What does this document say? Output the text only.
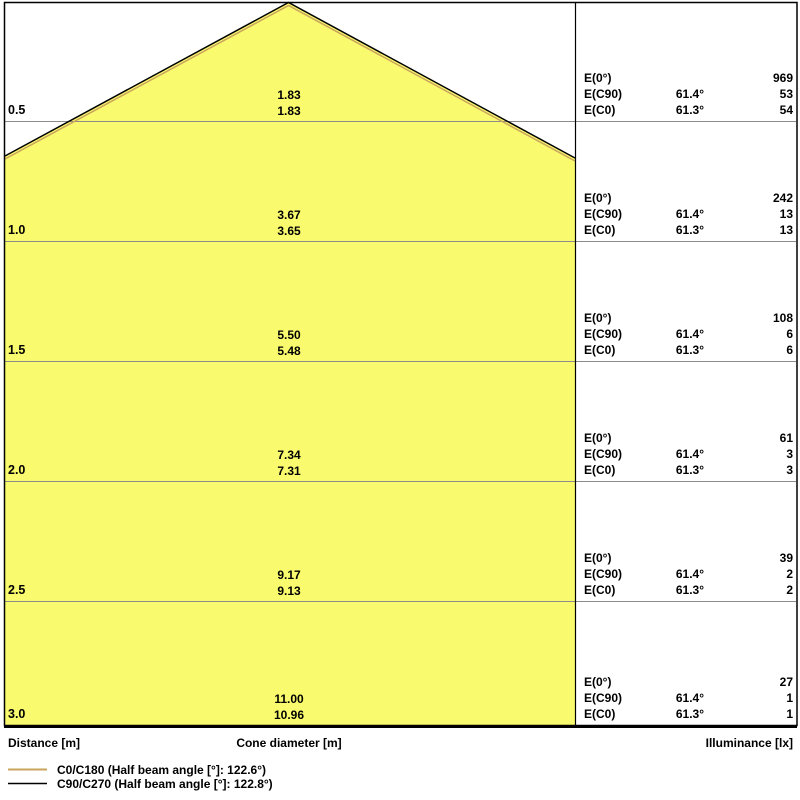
0.5
1.83
1.83
E(0°)	969
E(C90)	61.4°	53
E(C0)	61.3°	54
1.0
3.67
3.65
E(0°)	242
E(C90)	61.4°	13
E(C0)	61.3°	13
1.5
5.50
5.48
E(0°)	108
E(C90)	61.4°	6
E(C0)	61.3°	6
2.0
7.34
7.31
E(0°)	61
E(C90)	61.4°	3
E(C0)	61.3°	3
2.5
9.17
9.13
E(0°)	39
E(C90)	61.4°	2
E(C0)	61.3°	2
3.0
11.00
10.96
E(0°)	27
E(C90)	61.4°	1
E(C0)	61.3°	1
Distance [m]	Cone diameter [m]	Illuminance [lx]
C0/C180 (Half beam angle [°]: 122.6°)
C90/C270 (Half beam angle [°]: 122.8°)
